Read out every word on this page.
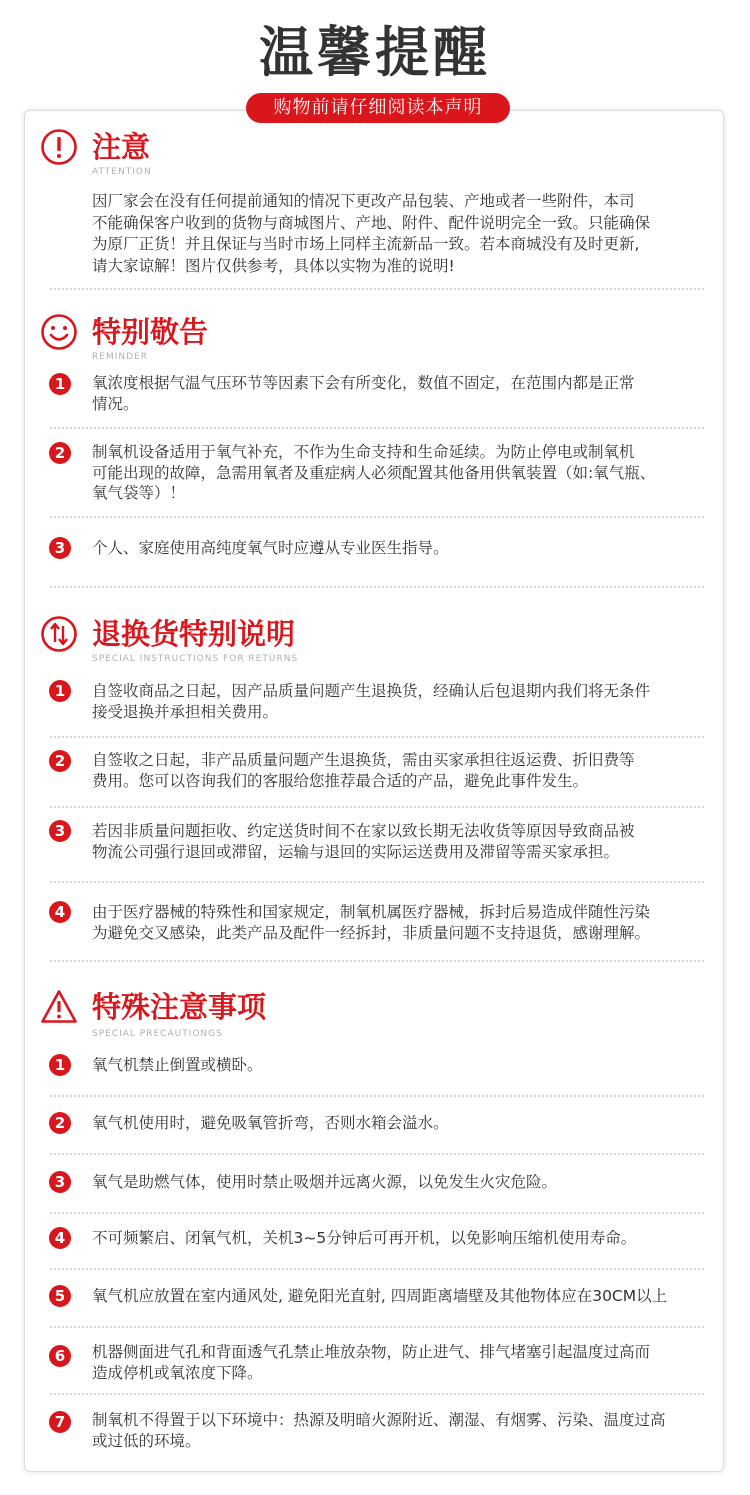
温馨提醒
购物前请仔细阅读本声明
注意
ATTENTION
因厂家会在没有任何提前通知的情况下更改产品包装、产地或者一些附件，本司
不能确保客户收到的货物与商城图片、产地、附件、配件说明完全一致。只能确保
为原厂正货！并且保证与当时市场上同样主流新品一致。若本商城没有及时更新,
请大家谅解！图片仅供参考，具体以实物为准的说明!
特别敬告
REMINDER
1	氧浓度根据气温气压环节等因素下会有所变化，数值不固定，在范围内都是正常
情况。
2	制氧机设备适用于氧气补充，不作为生命支持和生命延续。为防止停电或制氧机
可能出现的故障，急需用氧者及重症病人必须配置其他备用供氧装置（如:氧气瓶、
氧气袋等）！
3	个人、家庭使用高纯度氧气时应遵从专业医生指导。
退换货特别说明
SPECIAL INSTRUCTIONS FOR RETURNS
1	自签收商品之日起，因产品质量问题产生退换货，经确认后包退期内我们将无条件
接受退换并承担相关费用。
2	自签收之日起，非产品质量问题产生退换货，需由买家承担往返运费、折旧费等
费用。您可以咨询我们的客服给您推荐最合适的产品，避免此事件发生。
3	若因非质量问题拒收、约定送货时间不在家以致长期无法收货等原因导致商品被
物流公司强行退回或滞留，运输与退回的实际运送费用及滞留等需买家承担。
4	由于医疗器械的特殊性和国家规定，制氧机属医疗器械，拆封后易造成伴随性污染
为避免交叉感染，此类产品及配件一经拆封，非质量问题不支持退货，感谢理解。
特殊注意事项
SPECIAL PRECAUTIONGS
1	氧气机禁止倒置或横卧。
2	氧气机使用时，避免吸氧管折弯，否则水箱会溢水。
3	氧气是助燃气体，使用时禁止吸烟并远离火源，以免发生火灾危险。
4	不可频繁启、闭氧气机，关机3~5分钟后可再开机，以免影响压缩机使用寿命。
5	氧气机应放置在室内通风处, 避免阳光直射, 四周距离墙壁及其他物体应在30CM以上
6	机器侧面进气孔和背面透气孔禁止堆放杂物，防止进气、排气堵塞引起温度过高而
造成停机或氧浓度下降。
7	制氧机不得置于以下环境中：热源及明暗火源附近、潮湿、有烟雾、污染、温度过高
或过低的环境。
